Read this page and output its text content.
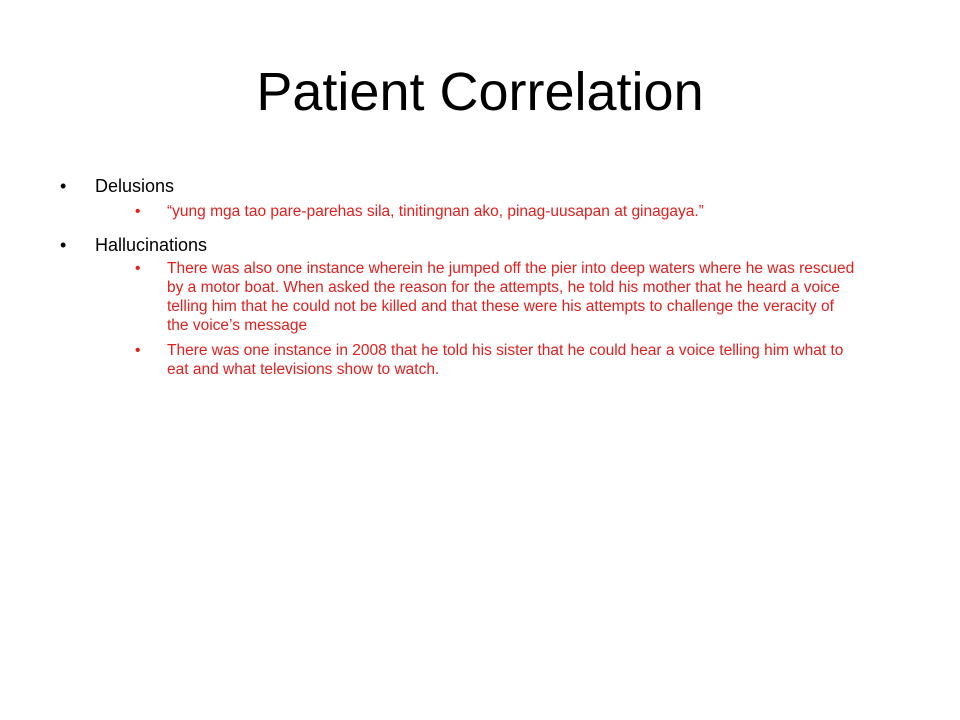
Patient Correlation
• Delusions
• “yung mga tao pare-parehas sila, tinitingnan ako, pinag-uusapan at ginagaya.”
• Hallucinations
• There was also one instance wherein he jumped off the pier into deep waters where he was rescued by a motor boat. When asked the reason for the attempts, he told his mother that he heard a voice telling him that he could not be killed and that these were his attempts to challenge the veracity of the voice’s message
• There was one instance in 2008 that he told his sister that he could hear a voice telling him what to eat and what televisions show to watch.
